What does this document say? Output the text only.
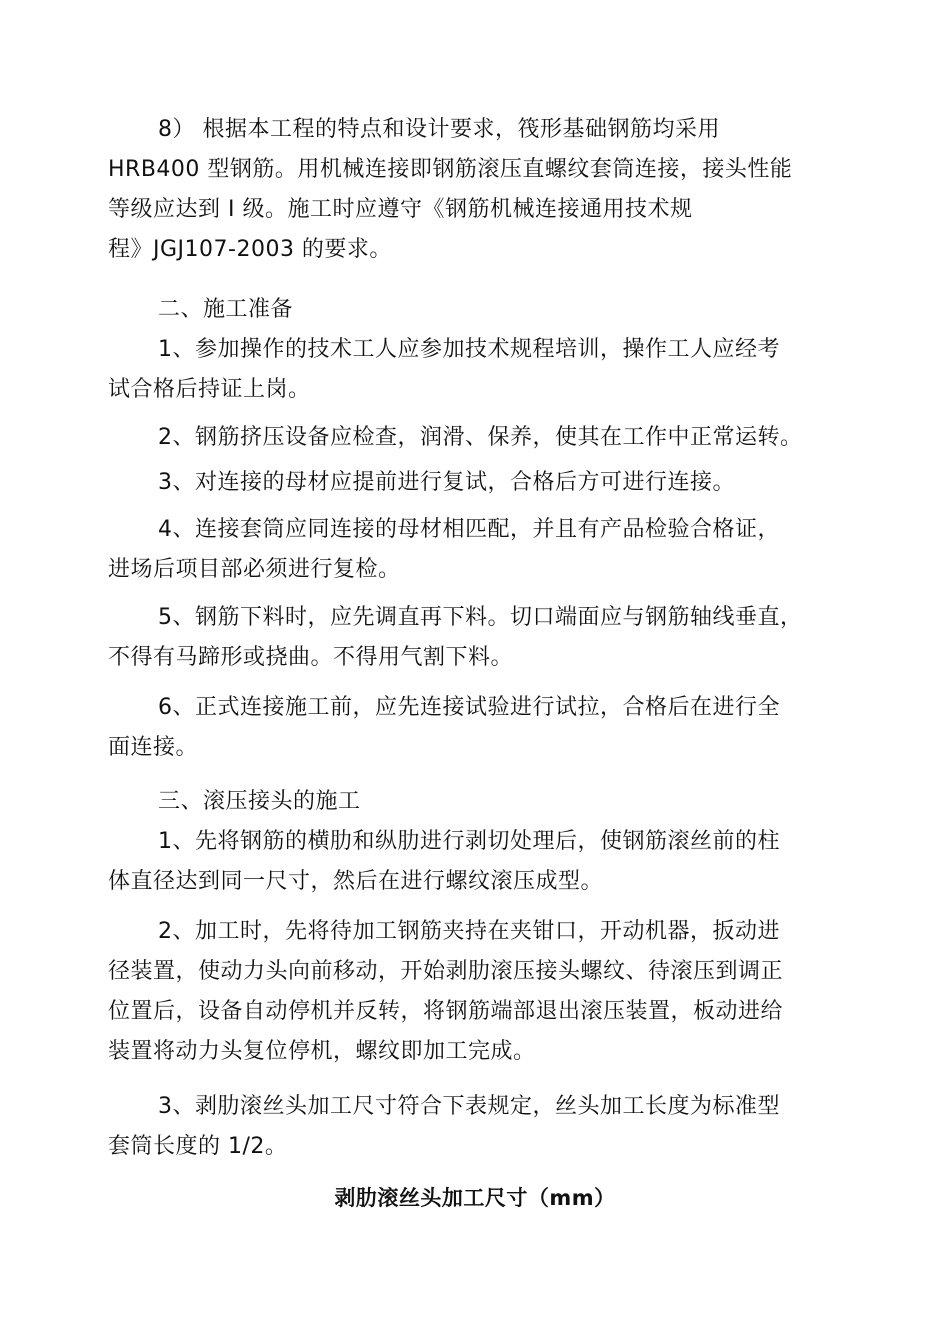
8） 根据本工程的特点和设计要求，筏形基础钢筋均采用
HRB400 型钢筋。用机械连接即钢筋滚压直螺纹套筒连接，接头性能
等级应达到 I 级。施工时应遵守《钢筋机械连接通用技术规
程》JGJ107-2003 的要求。
二、施工准备
1、参加操作的技术工人应参加技术规程培训，操作工人应经考
试合格后持证上岗。
2、钢筋挤压设备应检查，润滑、保养，使其在工作中正常运转。
3、对连接的母材应提前进行复试，合格后方可进行连接。
4、连接套筒应同连接的母材相匹配，并且有产品检验合格证，
进场后项目部必须进行复检。
5、钢筋下料时，应先调直再下料。切口端面应与钢筋轴线垂直，
不得有马蹄形或挠曲。不得用气割下料。
6、正式连接施工前，应先连接试验进行试拉，合格后在进行全
面连接。
三、滚压接头的施工
1、先将钢筋的横肋和纵肋进行剥切处理后，使钢筋滚丝前的柱
体直径达到同一尺寸，然后在进行螺纹滚压成型。
2、加工时，先将待加工钢筋夹持在夹钳口，开动机器，扳动进
径装置，使动力头向前移动，开始剥肋滚压接头螺纹、待滚压到调正
位置后，设备自动停机并反转，将钢筋端部退出滚压装置，板动进给
装置将动力头复位停机，螺纹即加工完成。
3、剥肋滚丝头加工尺寸符合下表规定，丝头加工长度为标准型
套筒长度的 1/2。
剥肋滚丝头加工尺寸（mm）
